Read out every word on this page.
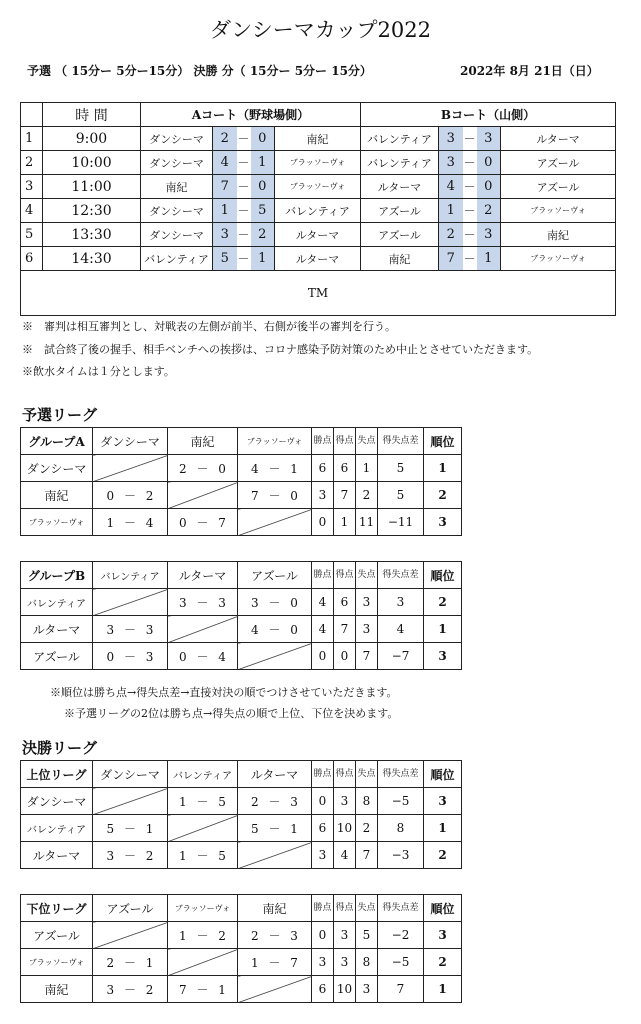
ダンシーマカップ2022
予選 （ 15分ー 5分ー15分） 決勝 分（ 15分ー 5分ー 15分）	2022年 8月 21日（日）
	時 間	Aコート（野球場側）					Bコート（山側）				
1	9:00	ダンシーマ	2	－	0	南紀	バレンティア	3	－	3	ルターマ
2	10:00	ダンシーマ	4	－	1	ブラッソーヴォ	バレンティア	3	－	0	アズール
3	11:00	南紀	7	－	0	ブラッソーヴォ	ルターマ	4	－	0	アズール
4	12:30	ダンシーマ	1	－	5	バレンティア	アズール	1	－	2	ブラッソーヴォ
5	13:30	ダンシーマ	3	－	2	ルターマ	アズール	2	－	3	南紀
6	14:30	バレンティア	5	－	1	ルターマ	南紀	7	－	1	ブラッソーヴォ
TM											
※　審判は相互審判とし、対戦表の左側が前半、右側が後半の審判を行う。
※　試合終了後の握手、相手ベンチへの挨拶は、コロナ感染予防対策のため中止とさせていただきます。
※飲水タイムは１分とします。
予選リーグ
グループA	ダンシーマ	南紀	ブラッソーヴォ	勝点	得点	失点	得失点差	順位
ダンシーマ		2 － 0	4 － 1	6	6	1	5	1
南紀	0 － 2		7 － 0	3	7	2	5	2
ブラッソーヴォ	1 － 4	0 － 7		0	1	11	−11	3
グループB	バレンティア	ルターマ	アズール	勝点	得点	失点	得失点差	順位
バレンティア		3 － 3	3 － 0	4	6	3	3	2
ルターマ	3 － 3		4 － 0	4	7	3	4	1
アズール	0 － 3	0 － 4		0	0	7	−7	3
※順位は勝ち点→得失点差→直接対決の順でつけさせていただきます。
※予選リーグの2位は勝ち点→得失点の順で上位、下位を決めます。
決勝リーグ
上位リーグ	ダンシーマ	バレンティア	ルターマ	勝点	得点	失点	得失点差	順位
ダンシーマ		1 － 5	2 － 3	0	3	8	−5	3
バレンティア	5 － 1		5 － 1	6	10	2	8	1
ルターマ	3 － 2	1 － 5		3	4	7	−3	2
下位リーグ	アズール	ブラッソーヴォ	南紀	勝点	得点	失点	得失点差	順位
アズール		1 － 2	2 － 3	0	3	5	−2	3
ブラッソーヴォ	2 － 1		1 － 7	3	3	8	−5	2
南紀	3 － 2	7 － 1		6	10	3	7	1
